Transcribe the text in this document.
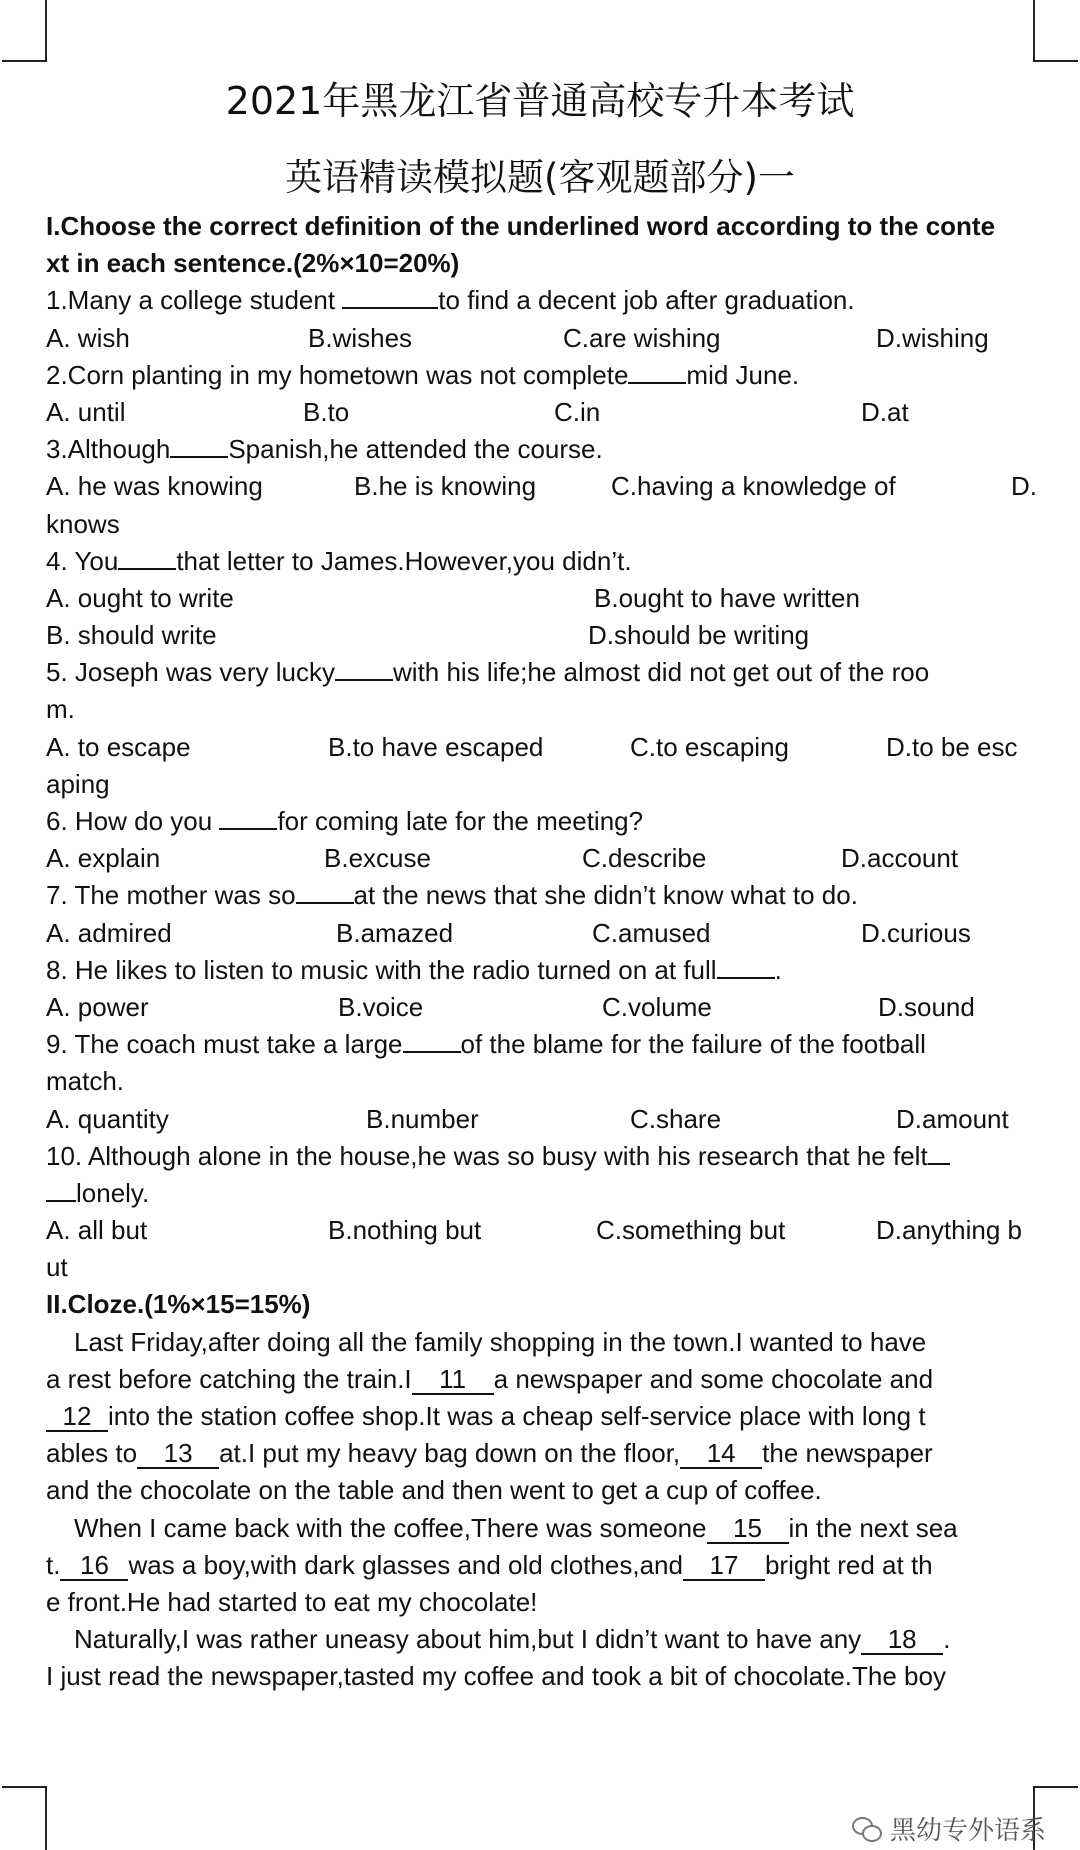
2021年黑龙江省普通高校专升本考试
英语精读模拟题(客观题部分)一
I.Choose the correct definition of the underlined word according to the conte
xt in each sentence.(2%×10=20%)
1.Many a college student	to find a decent job after graduation.
A. wish	B.wishes	C.are wishing	D.wishing
2.Corn planting in my hometown was not complete mid June.
A. until	B.to	C.in	D.at
3.Although Spanish,he attended the course.
A. he was knowing	B.he is knowing	C.having a knowledge of	D.
knows
4. You that letter to James.However,you didn’t.
A. ought to write	B.ought to have written
B. should write	D.should be writing
5. Joseph was very lucky with his life;he almost did not get out of the roo
m.
A. to escape	B.to have escaped	C.to escaping	D.to be esc
aping
6. How do you for coming late for the meeting?
A. explain	B.excuse	C.describe	D.account
7. The mother was so at the news that she didn’t know what to do.
A. admired	B.amazed	C.amused	D.curious
8. He likes to listen to music with the radio turned on at full .
A. power	B.voice	C.volume	D.sound
9. The coach must take a large of the blame for the failure of the football
match.
A. quantity	B.number	C.share	D.amount
10. Although alone in the house,he was so busy with his research that he felt
lonely.
A. all but	B.nothing but	C.something but	D.anything b
ut
II.Cloze.(1%×15=15%)
Last Friday,after doing all the family shopping in the town.I wanted to have
a rest before catching the train.I 11 a newspaper and some chocolate and
12 into the station coffee shop.It was a cheap self-service place with long t
ables to 13 at.I put my heavy bag down on the floor, 14 the newspaper
and the chocolate on the table and then went to get a cup of coffee.
When I came back with the coffee,There was someone 15 in the next sea
t. 16 was a boy,with dark glasses and old clothes,and 17 bright red at th
e front.He had started to eat my chocolate!
Naturally,I was rather uneasy about him,but I didn’t want to have any 18 .
I just read the newspaper,tasted my coffee and took a bit of chocolate.The boy
黑幼专外语系
